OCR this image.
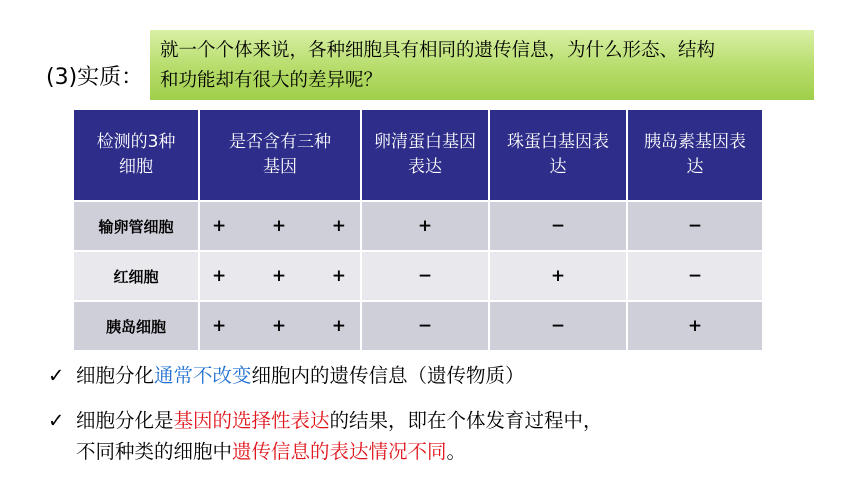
(3)实质：
就一个个体来说，各种细胞具有相同的遗传信息，为什么形态、结构
和功能却有很大的差异呢？
检测的3种细胞	是否含有三种基因	卵清蛋白基因表达	珠蛋白基因表达	胰岛素基因表达

输卵管细胞	+ + +	+	−	−
红细胞	+ + +	−	+	−
胰岛细胞	+ + +	−	−	+
✓ 细胞分化通常不改变细胞内的遗传信息（遗传物质）
✓ 细胞分化是基因的选择性表达的结果，即在个体发育过程中，
不同种类的细胞中遗传信息的表达情况不同。
